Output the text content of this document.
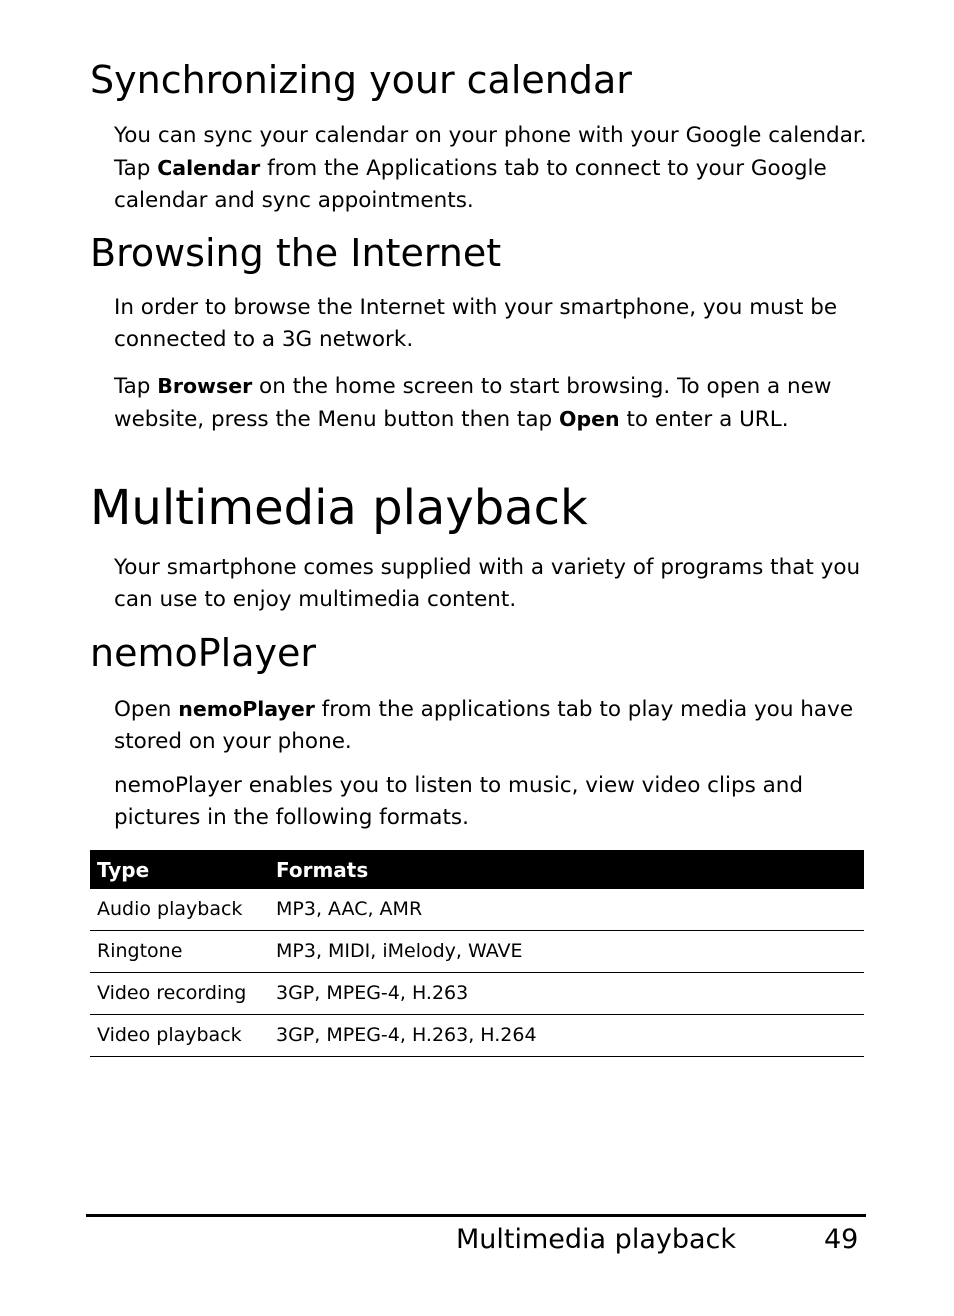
Synchronizing your calendar

You can sync your calendar on your phone with your Google calendar. Tap Calendar from the Applications tab to connect to your Google calendar and sync appointments.

Browsing the Internet

In order to browse the Internet with your smartphone, you must be connected to a 3G network.

Tap Browser on the home screen to start browsing. To open a new website, press the Menu button then tap Open to enter a URL.

Multimedia playback

Your smartphone comes supplied with a variety of programs that you can use to enjoy multimedia content.

nemoPlayer

Open nemoPlayer from the applications tab to play media you have stored on your phone.

nemoPlayer enables you to listen to music, view video clips and pictures in the following formats.

Type	Formats
Audio playback	MP3, AAC, AMR
Ringtone	MP3, MIDI, iMelody, WAVE
Video recording	3GP, MPEG-4, H.263
Video playback	3GP, MPEG-4, H.263, H.264
Multimedia playback	49
